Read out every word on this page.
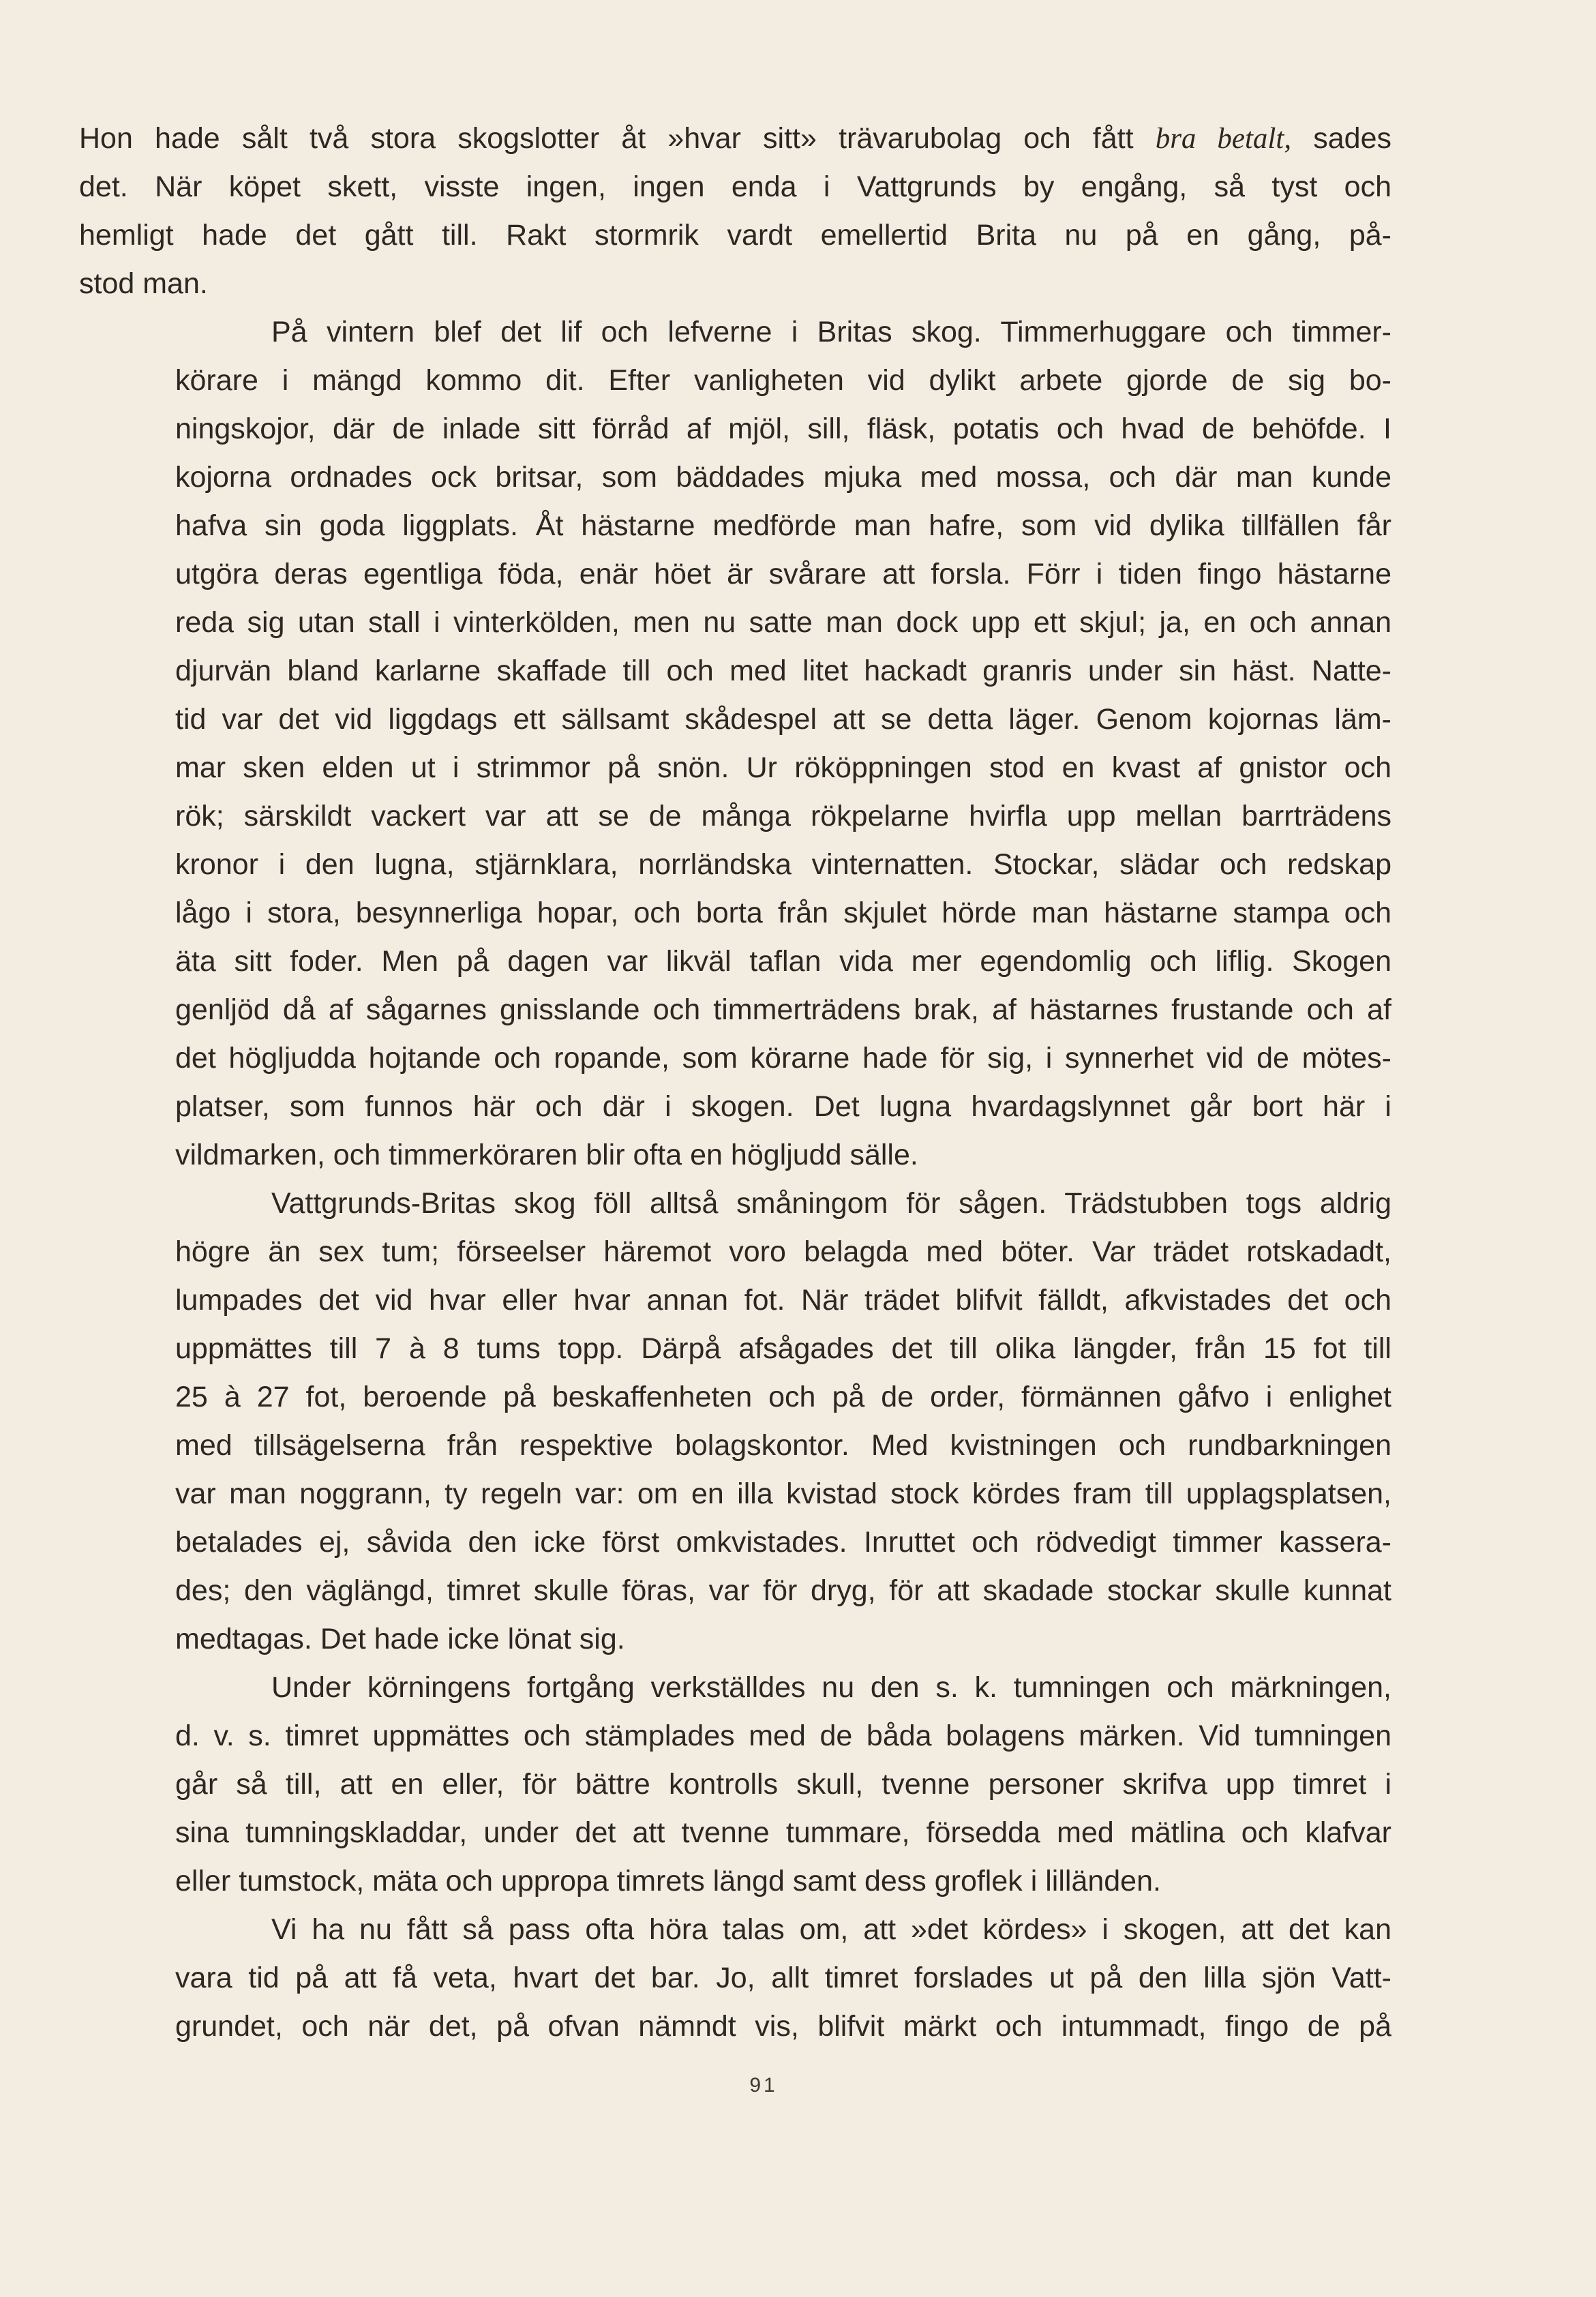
Hon hade sålt två stora skogslotter åt »hvar sitt» trävarubolag och fått bra betalt, sades
det. När köpet skett, visste ingen, ingen enda i Vattgrunds by engång, så tyst och
hemligt hade det gått till. Rakt stormrik vardt emellertid Brita nu på en gång, på-
stod man.

På vintern blef det lif och lefverne i Britas skog. Timmerhuggare och timmer-
körare i mängd kommo dit. Efter vanligheten vid dylikt arbete gjorde de sig bo-
ningskojor, där de inlade sitt förråd af mjöl, sill, fläsk, potatis och hvad de behöfde. I
kojorna ordnades ock britsar, som bäddades mjuka med mossa, och där man kunde
hafva sin goda liggplats. Åt hästarne medförde man hafre, som vid dylika tillfällen får
utgöra deras egentliga föda, enär höet är svårare att forsla. Förr i tiden fingo hästarne
reda sig utan stall i vinterkölden, men nu satte man dock upp ett skjul; ja, en och annan
djurvän bland karlarne skaffade till och med litet hackadt granris under sin häst. Natte-
tid var det vid liggdags ett sällsamt skådespel att se detta läger. Genom kojornas läm-
mar sken elden ut i strimmor på snön. Ur rököppningen stod en kvast af gnistor och
rök; särskildt vackert var att se de många rökpelarne hvirfla upp mellan barrträdens
kronor i den lugna, stjärnklara, norrländska vinternatten. Stockar, slädar och redskap
lågo i stora, besynnerliga hopar, och borta från skjulet hörde man hästarne stampa och
äta sitt foder. Men på dagen var likväl taflan vida mer egendomlig och liflig. Skogen
genljöd då af sågarnes gnisslande och timmerträdens brak, af hästarnes frustande och af
det högljudda hojtande och ropande, som körarne hade för sig, i synnerhet vid de mötes-
platser, som funnos här och där i skogen. Det lugna hvardagslynnet går bort här i
vildmarken, och timmerköraren blir ofta en högljudd sälle.

Vattgrunds-Britas skog föll alltså småningom för sågen. Trädstubben togs aldrig
högre än sex tum; förseelser häremot voro belagda med böter. Var trädet rotskadadt,
lumpades det vid hvar eller hvar annan fot. När trädet blifvit fälldt, afkvistades det och
uppmättes till 7 à 8 tums topp. Därpå afsågades det till olika längder, från 15 fot till
25 à 27 fot, beroende på beskaffenheten och på de order, förmännen gåfvo i enlighet
med tillsägelserna från respektive bolagskontor. Med kvistningen och rundbarkningen
var man noggrann, ty regeln var: om en illa kvistad stock kördes fram till upplagsplatsen,
betalades ej, såvida den icke först omkvistades. Inruttet och rödvedigt timmer kassera-
des; den väglängd, timret skulle föras, var för dryg, för att skadade stockar skulle kunnat
medtagas. Det hade icke lönat sig.

Under körningens fortgång verkställdes nu den s. k. tumningen och märkningen,
d. v. s. timret uppmättes och stämplades med de båda bolagens märken. Vid tumningen
går så till, att en eller, för bättre kontrolls skull, tvenne personer skrifva upp timret i
sina tumningskladdar, under det att tvenne tummare, försedda med mätlina och klafvar
eller tumstock, mäta och uppropa timrets längd samt dess groflek i lilländen.

Vi ha nu fått så pass ofta höra talas om, att »det kördes» i skogen, att det kan
vara tid på att få veta, hvart det bar. Jo, allt timret forslades ut på den lilla sjön Vatt-
grundet, och när det, på ofvan nämndt vis, blifvit märkt och intummadt, fingo de på

91
